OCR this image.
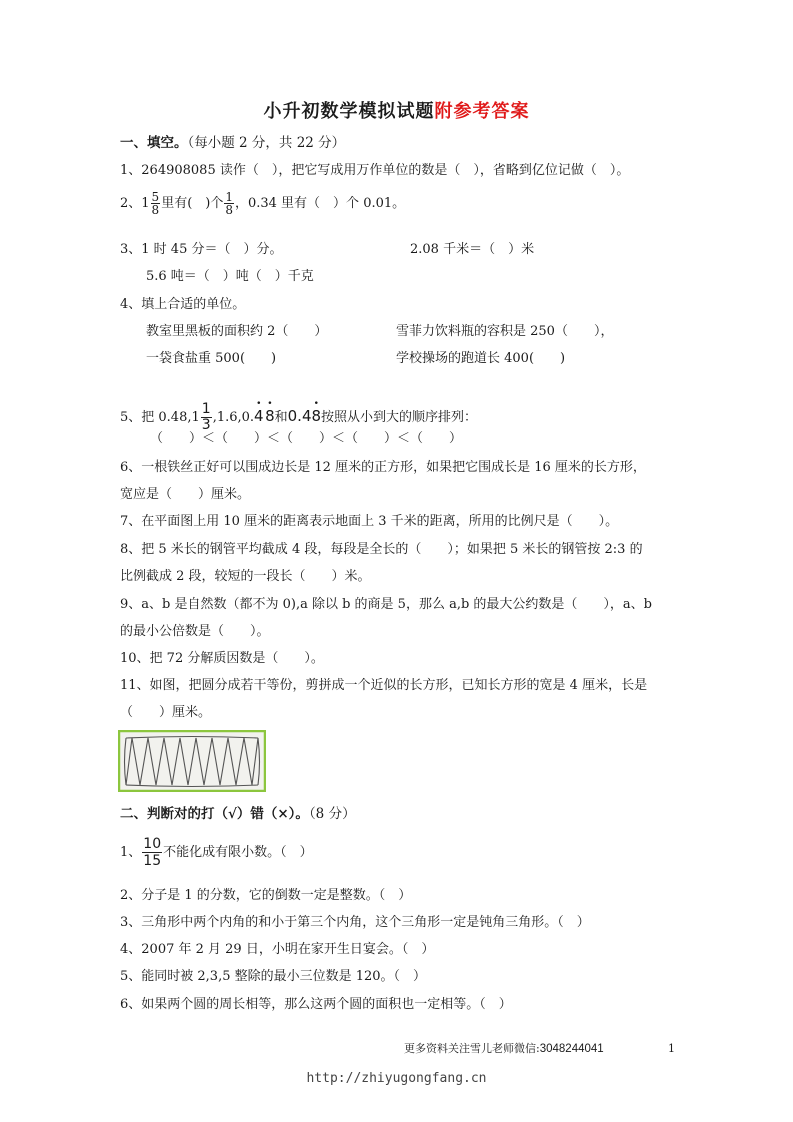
小升初数学模拟试题附参考答案
一、填空。（每小题 2 分，共 22 分）
1、264908085 读作（　），把它写成用万作单位的数是（　），省略到亿位记做（　）。
2、$1 \frac{5}{8}$ 里有(　)个 $\frac{1}{8}$ ，0.34 里有（　）个 0.01。
3、1 时 45 分＝（　）分。	2.08 千米＝（　）米
5.6 吨＝（　）吨（　）千克
4、填上合适的单位。
教室里黑板的面积约 2（　　）	雪菲力饮料瓶的容积是 250（　　），
一袋食盐重 500(　　)	学校操场的跑道长 400(　　)
5、把 $0.48,1 \frac{1}{3}$ ,1.6,0.• 4 • 8和0.4• 8按照从小到大的顺序排列：
（　　）＜（　　）＜（　　）＜（　　）＜（　　）
6、一根铁丝正好可以围成边长是 12 厘米的正方形，如果把它围成长是 16 厘米的长方形，
宽应是（　　）厘米。
7、在平面图上用 10 厘米的距离表示地面上 3 千米的距离，所用的比例尺是（　　）。
8、把 5 米长的钢管平均截成 4 段，每段是全长的（　　）；如果把 5 米长的钢管按 2:3 的
比例截成 2 段，较短的一段长（　　）米。
9、a、b 是自然数（都不为 0),a 除以 b 的商是 5，那么 a,b 的最大公约数是（　　），a、b
的最小公倍数是（　　）。
10、把 72 分解质因数是（　　）。
11、如图，把圆分成若干等份，剪拼成一个近似的长方形，已知长方形的宽是 4 厘米，长是
（　　）厘米。
二、判断对的打（√）错（×）。（8 分）
1、 $\frac{10}{15}$ 不能化成有限小数。（　）
2、分子是 1 的分数，它的倒数一定是整数。（　）
3、三角形中两个内角的和小于第三个内角，这个三角形一定是钝角三角形。（　）
4、2007 年 2 月 29 日，小明在家开生日宴会。（　）
5、能同时被 2,3,5 整除的最小三位数是 120。（　）
6、如果两个圆的周长相等，那么这两个圆的面积也一定相等。（　）
更多资料关注雪儿老师微信:3048244041	1
http://zhiyugongfang.cn
